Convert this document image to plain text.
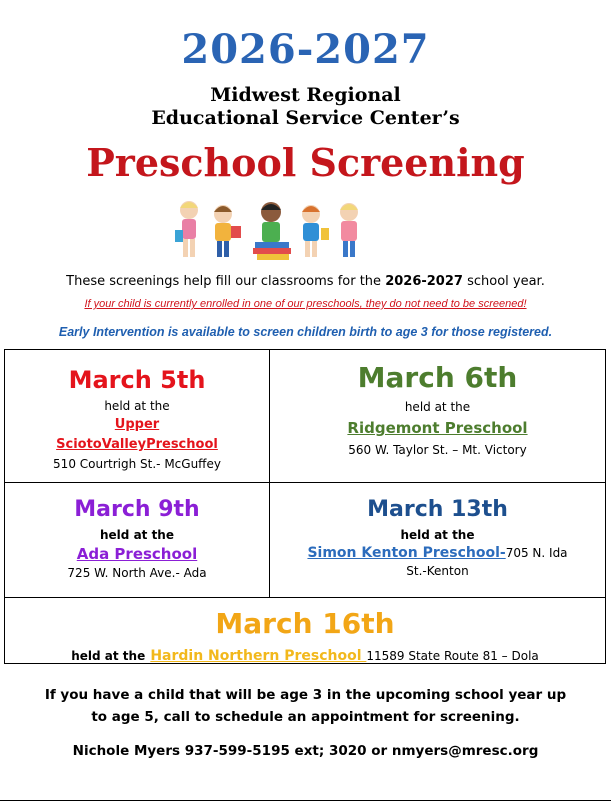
2026-2027
Midwest Regional
Educational Service Center’s
Preschool Screening
These screenings help fill our classrooms for the 2026-2027 school year.
If your child is currently enrolled in one of our preschools, they do not need to be screened!
Early Intervention is available to screen children birth to age 3 for those registered.
March 5th
held at the
Upper
SciotoValleyPreschool
510 Courtrigh St.- McGuffey
March 6th
held at the
Ridgemont Preschool
560 W. Taylor St. – Mt. Victory
March 9th
held at the
Ada Preschool
725 W. North Ave.- Ada
March 13th
held at the
Simon Kenton Preschool-705 N. Ida
St.-Kenton
March 16th
held at the Hardin Northern Preschool 11589 State Route 81 – Dola
If you have a child that will be age 3 in the upcoming school year up
to age 5, call to schedule an appointment for screening.
Nichole Myers 937-599-5195 ext; 3020 or nmyers@mresc.org
